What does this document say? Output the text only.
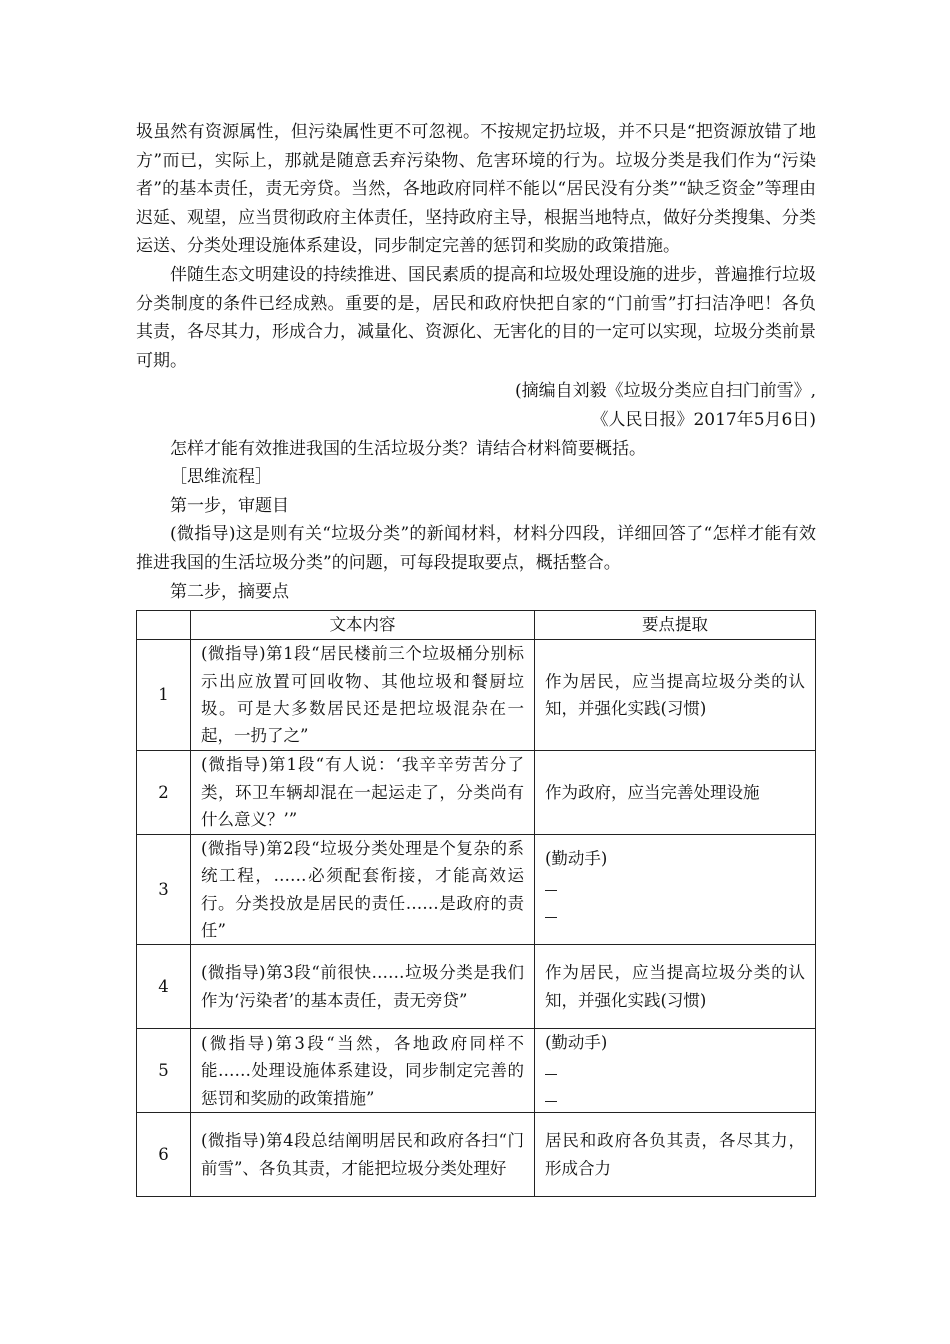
圾虽然有资源属性，但污染属性更不可忽视。不按规定扔垃圾，并不只是“把资源放错了地方”而已，实际上，那就是随意丢弃污染物、危害环境的行为。垃圾分类是我们作为“污染者”的基本责任，责无旁贷。当然，各地政府同样不能以“居民没有分类”“缺乏资金”等理由迟延、观望，应当贯彻政府主体责任，坚持政府主导，根据当地特点，做好分类搜集、分类运送、分类处理设施体系建设，同步制定完善的惩罚和奖励的政策措施。

伴随生态文明建设的持续推进、国民素质的提高和垃圾处理设施的进步，普遍推行垃圾分类制度的条件已经成熟。重要的是，居民和政府快把自家的“门前雪”打扫洁净吧！各负其责，各尽其力，形成合力，减量化、资源化、无害化的目的一定可以实现，垃圾分类前景可期。

(摘编自刘毅《垃圾分类应自扫门前雪》,

《人民日报》2017年5月6日)

怎样才能有效推进我国的生活垃圾分类？请结合材料简要概括。

［思维流程］

第一步，审题目

(微指导)这是则有关“垃圾分类”的新闻材料，材料分四段，详细回答了“怎样才能有效推进我国的生活垃圾分类”的问题，可每段提取要点，概括整合。

第二步，摘要点

	文本内容	要点提取
1	(微指导)第1段“居民楼前三个垃圾桶分别标示出应放置可回收物、其他垃圾和餐厨垃圾。可是大多数居民还是把垃圾混杂在一起，一扔了之”	作为居民，应当提高垃圾分类的认知，并强化实践(习惯)
2	(微指导)第1段“有人说：‘我辛辛劳苦分了类，环卫车辆却混在一起运走了，分类尚有什么意义？’”	作为政府，应当完善处理设施
3	(微指导)第2段“垃圾分类处理是个复杂的系统工程，……必须配套衔接，才能高效运行。分类投放是居民的责任……是政府的责任”	(勤动手)

4	(微指导)第3段“前很快……垃圾分类是我们作为‘污染者’的基本责任，责无旁贷”	作为居民，应当提高垃圾分类的认知，并强化实践(习惯)
5	(微指导)第3段“当然，各地政府同样不能……处理设施体系建设，同步制定完善的惩罚和奖励的政策措施”	(勤动手)

6	(微指导)第4段总结阐明居民和政府各扫“门前雪”、各负其责，才能把垃圾分类处理好	居民和政府各负其责，各尽其力，形成合力
